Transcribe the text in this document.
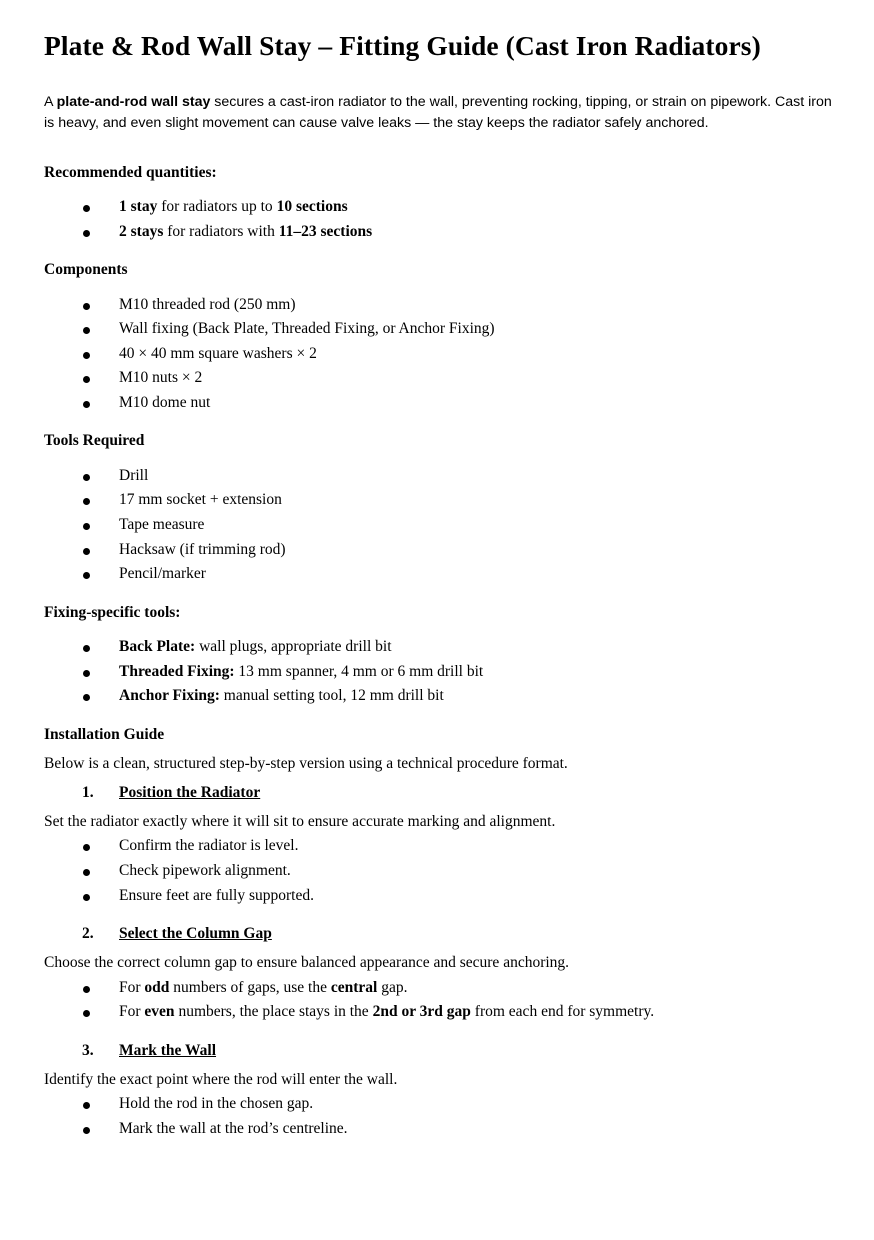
Plate & Rod Wall Stay – Fitting Guide (Cast Iron Radiators)
A plate-and-rod wall stay secures a cast-iron radiator to the wall, preventing rocking, tipping, or strain on pipework. Cast iron is heavy, and even slight movement can cause valve leaks — the stay keeps the radiator safely anchored.
Recommended quantities:
1 stay for radiators up to 10 sections
2 stays for radiators with 11–23 sections
Components
M10 threaded rod (250 mm)
Wall fixing (Back Plate, Threaded Fixing, or Anchor Fixing)
40 × 40 mm square washers × 2
M10 nuts × 2
M10 dome nut
Tools Required
Drill
17 mm socket + extension
Tape measure
Hacksaw (if trimming rod)
Pencil/marker
Fixing-specific tools:
Back Plate: wall plugs, appropriate drill bit
Threaded Fixing: 13 mm spanner, 4 mm or 6 mm drill bit
Anchor Fixing: manual setting tool, 12 mm drill bit
Installation Guide
Below is a clean, structured step-by-step version using a technical procedure format.
1. Position the Radiator
Set the radiator exactly where it will sit to ensure accurate marking and alignment.
Confirm the radiator is level.
Check pipework alignment.
Ensure feet are fully supported.
2. Select the Column Gap
Choose the correct column gap to ensure balanced appearance and secure anchoring.
For odd numbers of gaps, use the central gap.
For even numbers, the place stays in the 2nd or 3rd gap from each end for symmetry.
3. Mark the Wall
Identify the exact point where the rod will enter the wall.
Hold the rod in the chosen gap.
Mark the wall at the rod’s centreline.
